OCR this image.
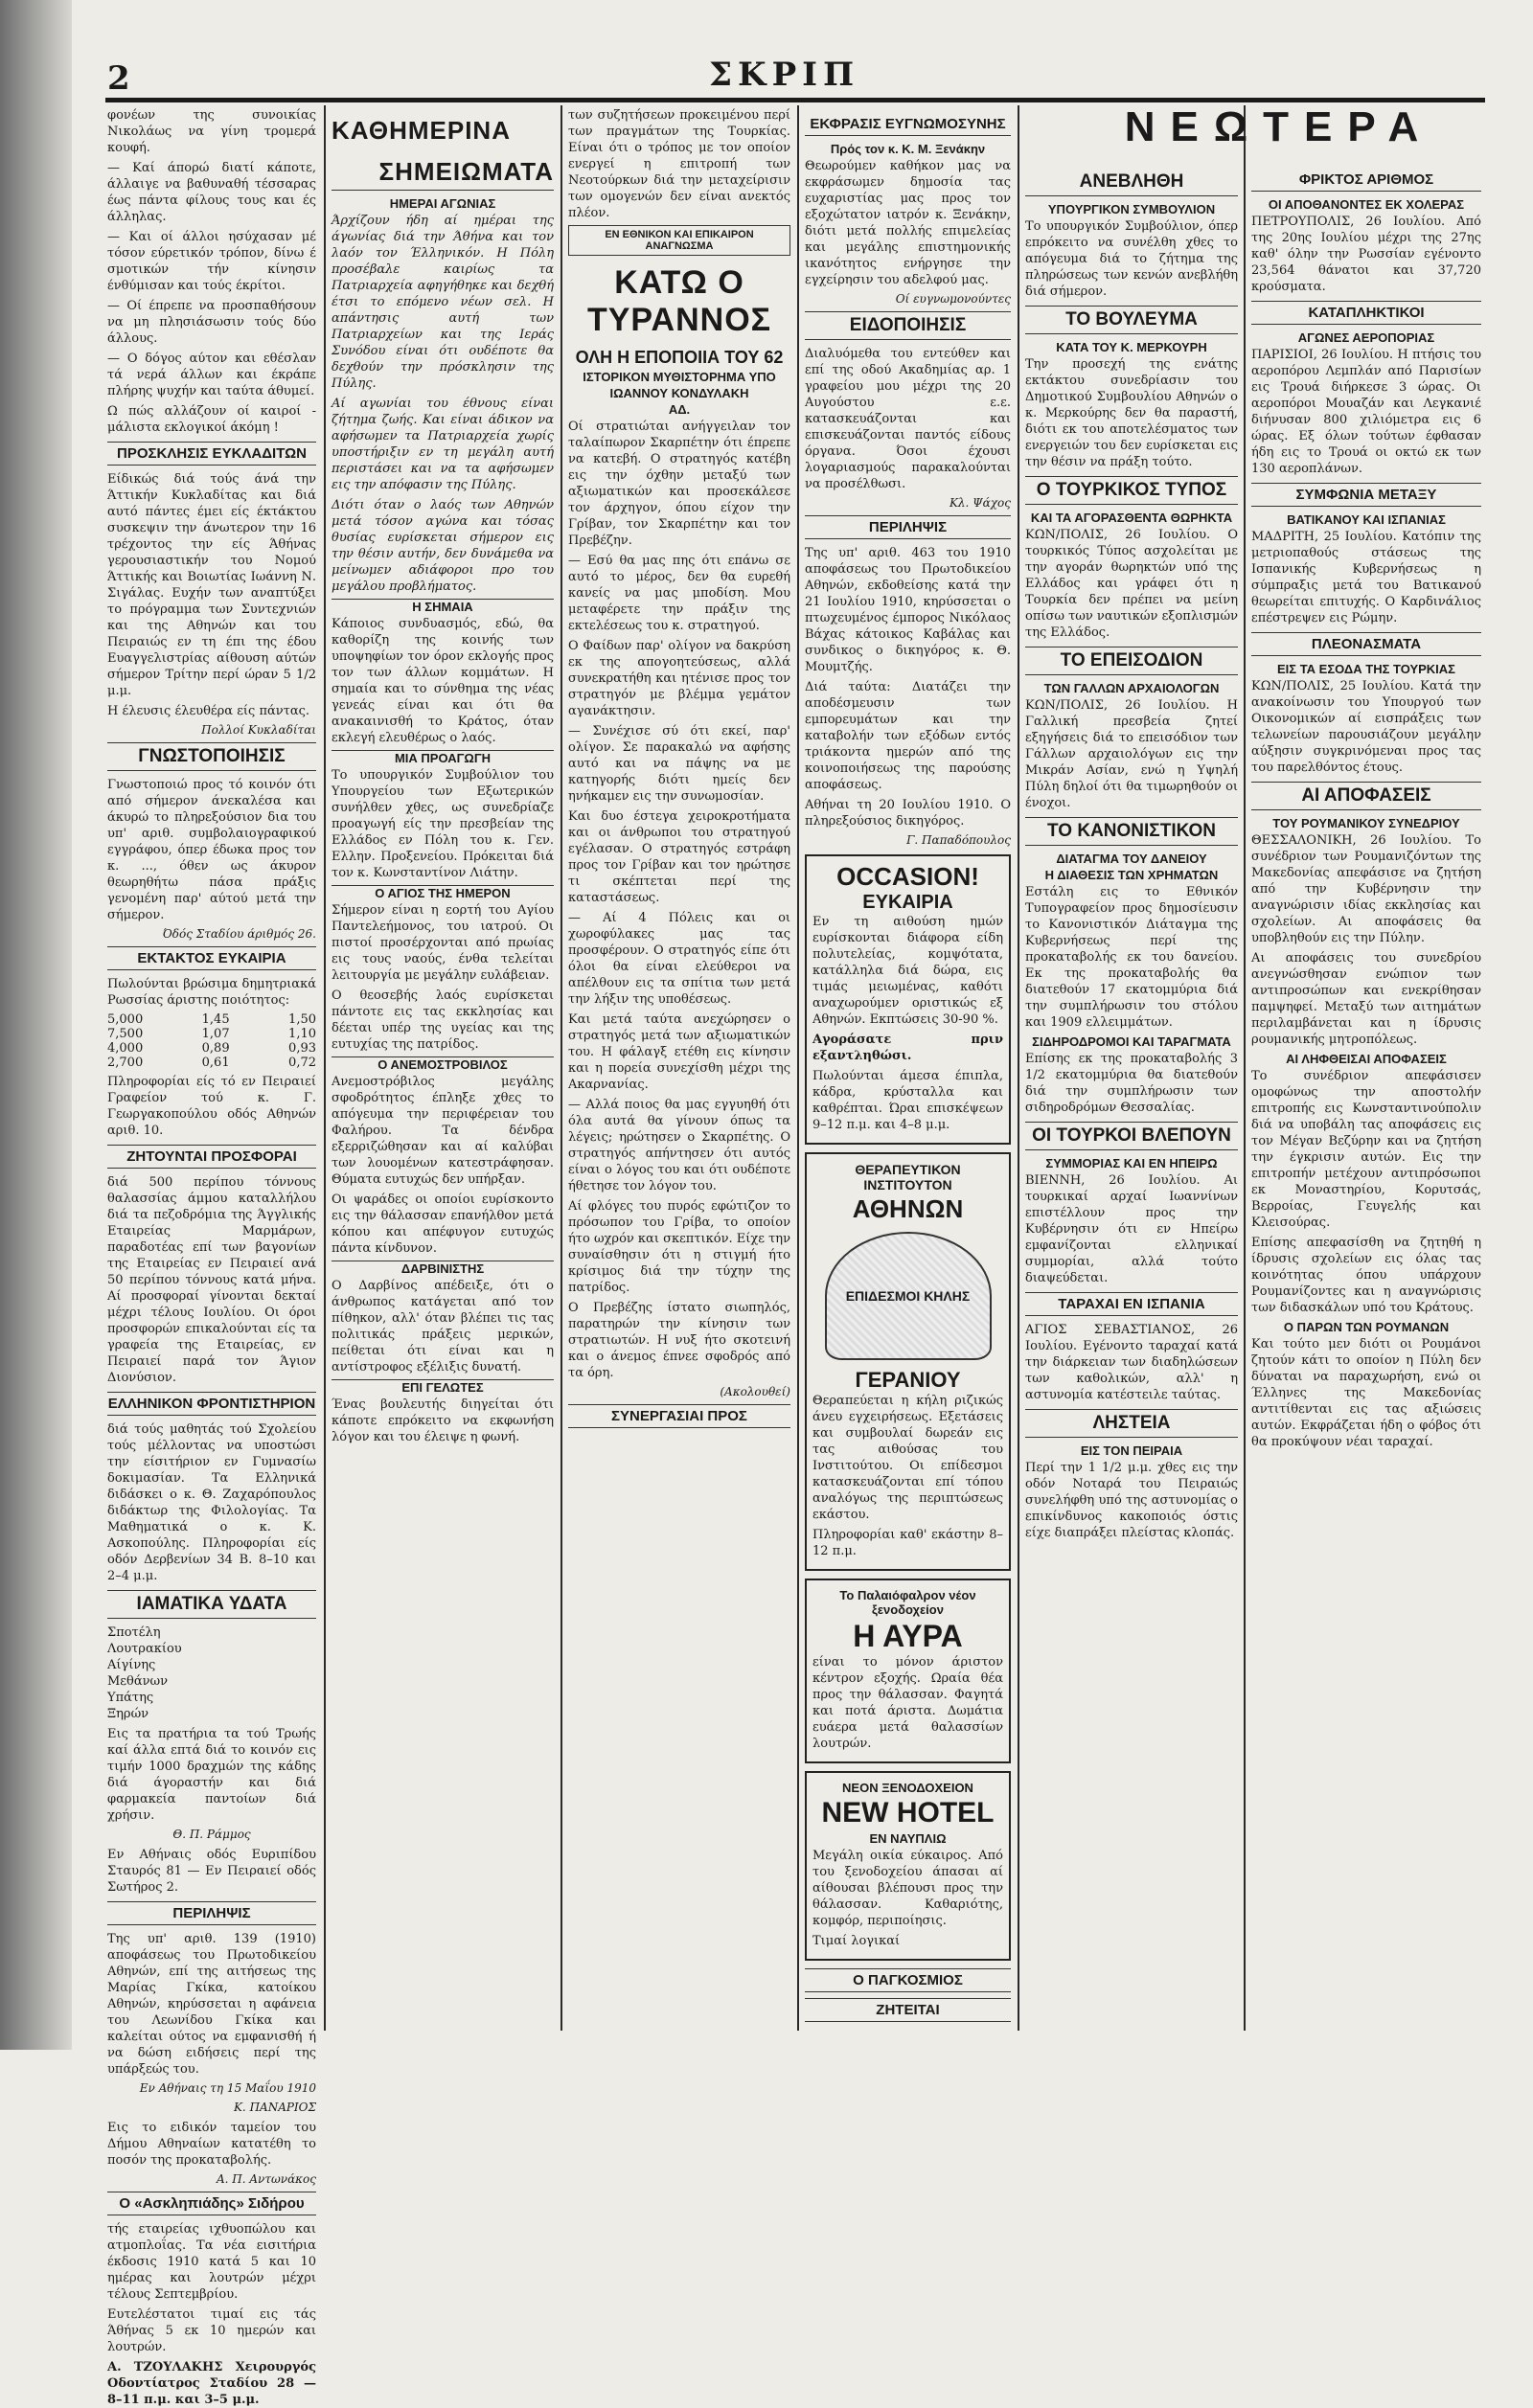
2	ΣΚΡΙΠ

φονέων της συνοικίας Νικολάως να γίνη τρομερά κουφή.

— Καί άπορώ διατί κάποτε, άλλαιγε να βαθυναθή τέσσαρας έως πάντα φίλους τους και ές άλληλας.

— Και οί άλλοι ησύχασαν μέ τόσον εύρετικόν τρόπον, δίνω έ σμοτικών τήν κίνησιν ένθύμισαν και τούς έκρίτοι.

— Οί έπρεπε να προσπαθήσουν να μη πλησιάσωσιν τούς δύο άλλους.

— Ο δόγος αύτον και εθέσλαν τά νερά άλλων και έκράπε πλήρης ψυχήν και ταύτα άθυμεί.

Ω πώς αλλάζουν οί καιροί - μάλιστα εκλογικοί άκόμη !

ΠΡΟΣΚΛΗΣΙΣ ΕΥΚΛΑΔΙΤΩΝ

Είδικώς διά τούς άνά την Άττικήν Κυκλαδίτας και διά αυτό πάντες έμει είς έκτάκτου συσκεψιν την άνωτερον την 16 τρέχοντος την είς Άθήνας γερουσιαστικήν του Νομού Άττικής και Βοιωτίας Ιωάννη Ν. Σιγάλας. Ευχήν των αναπτύξει το πρόγραμμα των Συντεχνιών και της Αθηνών και του Πειραιώς εν τη έπι της έδου Ευαγγελιστρίας αίθουση αύτών σήμερον Τρίτην περί ώραν 5 1/2 μ.μ.

Η έλευσις έλευθέρα είς πάντας.

Πολλοί Κυκλαδίται

ΓΝΩΣΤΟΠΟΙΗΣΙΣ

Γνωστοποιώ προς τό κοινόν ότι από σήμερον άνεκαλέσα και άκυρώ το πληρεξούσιον δια του υπ' αριθ. συμβολαιογραφικού εγγράφου, όπερ έδωκα προς τον κ. ..., όθεν ως άκυρον θεωρηθήτω πάσα πράξις γενομένη παρ' αύτού μετά την σήμερον.

Όδός Σταδίου άριθμός 26.

ΕΚΤΑΚΤΟΣ ΕΥΚΑΙΡΙΑ

Πωλούνται βρώσιμα δημητριακά Ρωσσίας άριστης ποιότητος:

5,000	1,45	1,50
7,500	1,07	1,10
4,000	0,89	0,93
2,700	0,61	0,72

Πληροφορίαι είς τό εν Πειραιεί Γραφείον τού κ. Γ. Γεωργακοπούλου οδός Αθηνών αριθ. 10.

ΖΗΤΟΥΝΤΑΙ ΠΡΟΣΦΟΡΑΙ

διά 500 περίπου τόννους θαλασσίας άμμου καταλλήλου διά τα πεζοδρόμια της Άγγλικής Εταιρείας Μαρμάρων, παραδοτέας επί των βαγονίων της Εταιρείας εν Πειραιεί ανά 50 περίπου τόννους κατά μήνα. Αί προσφοραί γίνονται δεκταί μέχρι τέλους Ιουλίου. Οι όροι προσφορών επικαλούνται είς τα γραφεία της Εταιρείας, εν Πειραιεί παρά τον Άγιον Διονύσιον.

ΕΛΛΗΝΙΚΟΝ ΦΡΟΝΤΙΣΤΗΡΙΟΝ

διά τούς μαθητάς τού Σχολείου τούς μέλλοντας να υποστώσι την είσιτήριον εν Γυμνασίω δοκιμασίαν. Τα Ελληνικά διδάσκει ο κ. Θ. Ζαχαρόπουλος διδάκτωρ της Φιλολογίας. Τα Μαθηματικά ο κ. Κ. Ασκοπούλης. Πληροφορίαι είς οδόν Δερβενίων 34 Β. 8–10 και 2–4 μ.μ.

ΙΑΜΑΤΙΚΑ ΥΔΑΤΑ

Σποτέλη

Λουτρακίου

Αίγίνης

Μεθάνων

Υπάτης

Ξηρών

Εις τα πρατήρια τα τού Τρωής καί άλλα επτά διά το κοινόν εις τιμήν 1000 δραχμών της κάδης διά άγοραστήν και διά φαρμακεία παντοίων διά χρήσιν.

Θ. Π. Ράμμος

Εν Αθήναις οδός Ευριπίδου Σταυρός 81 — Εν Πειραιεί οδός Σωτήρος 2.

ΠΕΡΙΛΗΨΙΣ

Της υπ' αριθ. 139 (1910) αποφάσεως του Πρωτοδικείου Αθηνών, επί της αιτήσεως της Μαρίας Γκίκα, κατοίκου Αθηνών, κηρύσσεται η αφάνεια του Λεωνίδου Γκίκα και καλείται ούτος να εμφανισθή ή να δώση ειδήσεις περί της υπάρξεώς του.

Εν Αθήναις τη 15 Μαΐου 1910

Κ. ΠΑΝΑΡΙΟΣ

Εις το ειδικόν ταμείον του Δήμου Αθηναίων κατατέθη το ποσόν της προκαταβολής.

Α. Π. Αντωνάκος

Ο «Ασκληπιάδης» Σιδήρου

τής εταιρείας ιχθυοπώλου και ατμοπλοΐας. Τα νέα εισιτήρια έκδοσις 1910 κατά 5 και 10 ημέρας και λουτρών μέχρι τέλους Σεπτεμβρίου.

Ευτελέστατοι τιμαί εις τάς Άθήνας 5 εκ 10 ημερών και λουτρών.

Α. ΤΖΟΥΛΑΚΗΣ Χειρουργός Οδοντίατρος Σταδίου 28 — 8–11 π.μ. και 3–5 μ.μ.

ΚΑΘΗΜΕΡΙΝΑ
ΣΗΜΕΙΩΜΑΤΑ
ΗΜΕΡΑΙ ΑΓΩΝΙΑΣ

Άρχίζουν ήδη αί ημέραι της άγωνίας διά την Άθήνα και τον λαόν τον Έλληνικόν. Η Πόλη προσέβαλε καιρίως τα Πατριαρχεία αφηγήθηκε και δεχθή έτσι το επόμενο νέων σελ. Η απάντησις αυτή των Πατριαρχείων και της Ιεράς Συνόδου είναι ότι ουδέποτε θα δεχθούν την πρόσκλησιν της Πύλης.

Αί αγωνίαι του έθνους είναι ζήτημα ζωής. Και είναι άδικον να αφήσωμεν τα Πατριαρχεία χωρίς υποστήριξιν εν τη μεγάλη αυτή περιστάσει και να τα αφήσωμεν εις την απόφασιν της Πύλης.

Διότι όταν ο λαός των Αθηνών μετά τόσον αγώνα και τόσας θυσίας ευρίσκεται σήμερον εις την θέσιν αυτήν, δεν δυνάμεθα να μείνωμεν αδιάφοροι προ του μεγάλου προβλήματος.

Η ΣΗΜΑΙΑ

Κάποιος συνδυασμός, εδώ, θα καθορίζη της κοινής των υποψηφίων τον όρον εκλογής προς τον των άλλων κομμάτων. Η σημαία και το σύνθημα της νέας γενεάς είναι και ότι θα ανακαινισθή το Κράτος, όταν εκλεγή ελευθέρως ο λαός.

ΜΙΑ ΠΡΟΑΓΩΓΗ

Το υπουργικόν Συμβούλιον του Υπουργείου των Εξωτερικών συνήλθεν χθες, ως συνεδρίαζε προαγωγή είς την πρεσβείαν της Ελλάδος εν Πόλη του κ. Γεν. Ελλην. Προξενείου. Πρόκειται διά τον κ. Κωνσταντίνον Λιάτην.

Ο ΑΓΙΟΣ ΤΗΣ ΗΜΕΡΟΝ

Σήμερον είναι η εορτή του Αγίου Παντελεήμονος, του ιατρού. Οι πιστοί προσέρχονται από πρωίας εις τους ναούς, ένθα τελείται λειτουργία με μεγάλην ευλάβειαν.

Ο θεοσεβής λαός ευρίσκεται πάντοτε εις τας εκκλησίας και δέεται υπέρ της υγείας και της ευτυχίας της πατρίδος.

Ο ΑΝΕΜΟΣΤΡΟΒΙΛΟΣ

Ανεμοστρόβιλος μεγάλης σφοδρότητος έπληξε χθες το απόγευμα την περιφέρειαν του Φαλήρου. Τα δένδρα εξερριζώθησαν και αί καλύβαι των λουομένων κατεστράφησαν. Θύματα ευτυχώς δεν υπήρξαν.

Οι ψαράδες οι οποίοι ευρίσκοντο εις την θάλασσαν επανήλθον μετά κόπου και απέφυγον ευτυχώς πάντα κίνδυνον.

ΔΑΡΒΙΝΙΣΤΗΣ

Ο Δαρβίνος απέδειξε, ότι ο άνθρωπος κατάγεται από τον πίθηκον, αλλ' όταν βλέπει τις τας πολιτικάς πράξεις μερικών, πείθεται ότι είναι και η αντίστροφος εξέλιξις δυνατή.

ΕΠΙ ΓΕΛΩΤΕΣ

Ένας βουλευτής διηγείται ότι κάποτε επρόκειτο να εκφωνήση λόγον και του έλειψε η φωνή.

των συζητήσεων προκειμένου περί των πραγμάτων της Τουρκίας. Είναι ότι ο τρόπος με τον οποίον ενεργεί η επιτροπή των Νεοτούρκων διά την μεταχείρισιν των ομογενών δεν είναι ανεκτός πλέον.

ΕΝ ΕΘΝΙΚΟΝ ΚΑΙ ΕΠΙΚΑΙΡΟΝ ΑΝΑΓΝΩΣΜΑ
ΚΑΤΩ Ο ΤΥΡΑΝΝΟΣ
ΟΛΗ Η ΕΠΟΠΟΙΙΑ ΤΟΥ 62
ΙΣΤΟΡΙΚΟΝ ΜΥΘΙΣΤΟΡΗΜΑ ΥΠΟ
ΙΩΑΝΝΟΥ ΚΟΝΔΥΛΑΚΗ
ΑΔ.

Οί στρατιώται ανήγγειλαν τον ταλαίπωρον Σκαρπέτην ότι έπρεπε να κατεβή. Ο στρατηγός κατέβη εις την όχθην μεταξύ των αξιωματικών και προσεκάλεσε τον άρχηγον, όπου είχον την Γρίβαν, τον Σκαρπέτην και τον Πρεβέζην.

— Εσύ θα μας πης ότι επάνω σε αυτό το μέρος, δεν θα ευρεθή κανείς να μας μποδίση. Μου μεταφέρετε την πράξιν της εκτελέσεως του κ. στρατηγού.

Ο Φαίδων παρ' ολίγον να δακρύση εκ της απογοητεύσεως, αλλά συνεκρατήθη και ητένισε προς τον στρατηγόν με βλέμμα γεμάτον αγανάκτησιν.

— Συνέχισε σύ ότι εκεί, παρ' ολίγον. Σε παρακαλώ να αφήσης αυτό και να πάψης να με κατηγορής διότι ημείς δεν ηνήκαμεν εις την συνωμοσίαν.

Και δυο έστεγα χειροκροτήματα και οι άνθρωποι του στρατηγού εγέλασαν. Ο στρατηγός εστράφη προς τον Γρίβαν και τον ηρώτησε τι σκέπτεται περί της καταστάσεως.

— Αί 4 Πόλεις και οι χωροφύλακες μας τας προσφέρουν. Ο στρατηγός είπε ότι όλοι θα είναι ελεύθεροι να απέλθουν εις τα σπίτια των μετά την λήξιν της υποθέσεως.

Και μετά ταύτα ανεχώρησεν ο στρατηγός μετά των αξιωματικών του. Η φάλαγξ ετέθη εις κίνησιν και η πορεία συνεχίσθη μέχρι της Ακαρνανίας.

— Αλλά ποιος θα μας εγγυηθή ότι όλα αυτά θα γίνουν όπως τα λέγεις; ηρώτησεν ο Σκαρπέτης. Ο στρατηγός απήντησεν ότι αυτός είναι ο λόγος του και ότι ουδέποτε ήθετησε τον λόγον του.

Αί φλόγες του πυρός εφώτιζον το πρόσωπον του Γρίβα, το οποίον ήτο ωχρόν και σκεπτικόν. Είχε την συναίσθησιν ότι η στιγμή ήτο κρίσιμος διά την τύχην της πατρίδος.

Ο Πρεβέζης ίστατο σιωπηλός, παρατηρών την κίνησιν των στρατιωτών. Η νυξ ήτο σκοτεινή και ο άνεμος έπνεε σφοδρός από τα όρη.

(Ακολουθεί)

ΣΥΝΕΡΓΑΣΙΑΙ ΠΡΟΣ
ΕΚΦΡΑΣΙΣ ΕΥΓΝΩΜΟΣΥΝΗΣ
Πρός τον κ. Κ. Μ. Ξενάκην

Θεωρούμεν καθήκον μας να εκφράσωμεν δημοσία τας ευχαριστίας μας προς τον εξοχώτατον ιατρόν κ. Ξενάκην, διότι μετά πολλής επιμελείας και μεγάλης επιστημονικής ικανότητος ενήργησε την εγχείρησιν του αδελφού μας.

Οί ευγνωμονούντες

ΕΙΔΟΠΟΙΗΣΙΣ

Διαλυόμεθα του εντεύθεν και επί της οδού Ακαδημίας αρ. 1 γραφείου μου μέχρι της 20 Αυγούστου ε.ε. κατασκευάζονται και επισκευάζονται παντός είδους όργανα. Όσοι έχουσι λογαριασμούς παρακαλούνται να προσέλθωσι.

Κλ. Ψάχος

ΠΕΡΙΛΗΨΙΣ

Της υπ' αριθ. 463 του 1910 αποφάσεως του Πρωτοδικείου Αθηνών, εκδοθείσης κατά την 21 Ιουλίου 1910, κηρύσσεται ο πτωχευμένος έμπορος Νικόλαος Βάχας κάτοικος Καβάλας και συνδικος ο δικηγόρος κ. Θ. Μουμτζής.

Διά ταύτα: Διατάζει την αποδέσμευσιν των εμπορευμάτων και την καταβολήν των εξόδων εντός τριάκοντα ημερών από της κοινοποιήσεως της παρούσης αποφάσεως.

Αθήναι τη 20 Ιουλίου 1910. Ο πληρεξούσιος δικηγόρος.

Γ. Παπαδόπουλος

OCCASION!
ΕΥΚΑΙΡΙΑ

Εν τη αιθούση ημών ευρίσκονται διάφορα είδη πολυτελείας, κομψότατα, κατάλληλα διά δώρα, εις τιμάς μειωμένας, καθότι αναχωρούμεν οριστικώς εξ Αθηνών. Εκπτώσεις 30-90 %.

Αγοράσατε πριν εξαντληθώσι.

Πωλούνται άμεσα έπιπλα, κάδρα, κρύσταλλα και καθρέπται. Ώραι επισκέψεων 9–12 π.μ. και 4–8 μ.μ.

ΘΕΡΑΠΕΥΤΙΚΟΝ ΙΝΣΤΙΤΟΥΤΟΝ
ΑΘΗΝΩΝ
ΕΠΙΔΕΣΜΟΙ ΚΗΛΗΣ
ΓΕΡΑΝΙΟΥ

Θεραπεύεται η κήλη ριζικώς άνευ εγχειρήσεως. Εξετάσεις και συμβουλαί δωρεάν εις τας αιθούσας του Ινστιτούτου. Οι επίδεσμοι κατασκευάζονται επί τόπου αναλόγως της περιπτώσεως εκάστου.

Πληροφορίαι καθ' εκάστην 8–12 π.μ.

Το Παλαιόφαλρον νέον ξενοδοχείον
Η ΑΥΡΑ

είναι το μόνον άριστον κέντρον εξοχής. Ωραία θέα προς την θάλασσαν. Φαγητά και ποτά άριστα. Δωμάτια ευάερα μετά θαλασσίων λουτρών.

ΝΕΟΝ ΞΕΝΟΔΟΧΕΙΟΝ
NEW HOTEL
ΕΝ ΝΑΥΠΛΙΩ

Μεγάλη οικία εύκαιρος. Από του ξενοδοχείου άπασαι αί αίθουσαι βλέπουσι προς την θάλασσαν. Καθαριότης, κομφόρ, περιποίησις.

Τιμαί λογικαί

Ο ΠΑΓΚΟΣΜΙΟΣ
ΖΗΤΕΙΤΑΙ
ΝΕΩΤΕΡΑ
ΑΝΕΒΛΗΘΗ
ΥΠΟΥΡΓΙΚΟΝ ΣΥΜΒΟΥΛΙΟΝ

Το υπουργικόν Συμβούλιον, όπερ επρόκειτο να συνέλθη χθες το απόγευμα διά το ζήτημα της πληρώσεως των κενών ανεβλήθη διά σήμερον.

ΤΟ ΒΟΥΛΕΥΜΑ
ΚΑΤΑ ΤΟΥ Κ. ΜΕΡΚΟΥΡΗ

Την προσεχή της ενάτης εκτάκτου συνεδρίασιν του Δημοτικού Συμβουλίου Αθηνών ο κ. Μερκούρης δεν θα παραστή, διότι εκ του αποτελέσματος των ενεργειών του δεν ευρίσκεται εις την θέσιν να πράξη τούτο.

Ο ΤΟΥΡΚΙΚΟΣ ΤΥΠΟΣ
ΚΑΙ ΤΑ ΑΓΟΡΑΣΘΕΝΤΑ ΘΩΡΗΚΤΑ

ΚΩΝ/ΠΟΛΙΣ, 26 Ιουλίου. Ο τουρκικός Τύπος ασχολείται με την αγοράν θωρηκτών υπό της Ελλάδος και γράφει ότι η Τουρκία δεν πρέπει να μείνη οπίσω των ναυτικών εξοπλισμών της Ελλάδος.

ΤΟ ΕΠΕΙΣΟΔΙΟΝ
ΤΩΝ ΓΑΛΛΩΝ ΑΡΧΑΙΟΛΟΓΩΝ

ΚΩΝ/ΠΟΛΙΣ, 26 Ιουλίου. Η Γαλλική πρεσβεία ζητεί εξηγήσεις διά το επεισόδιον των Γάλλων αρχαιολόγων εις την Μικράν Ασίαν, ενώ η Υψηλή Πύλη δηλοί ότι θα τιμωρηθούν οι ένοχοι.

ΤΟ ΚΑΝΟΝΙΣΤΙΚΟΝ
ΔΙΑΤΑΓΜΑ ΤΟΥ ΔΑΝΕΙΟΥ
Η ΔΙΑΘΕΣΙΣ ΤΩΝ ΧΡΗΜΑΤΩΝ

Εστάλη εις το Εθνικόν Τυπογραφείον προς δημοσίευσιν το Κανονιστικόν Διάταγμα της Κυβερνήσεως περί της προκαταβολής εκ του δανείου. Εκ της προκαταβολής θα διατεθούν 17 εκατομμύρια διά την συμπλήρωσιν του στόλου και 1909 ελλειμμάτων.

ΣΙΔΗΡΟΔΡΟΜΟΙ ΚΑΙ ΤΑΡΑΓΜΑΤΑ

Επίσης εκ της προκαταβολής 3 1/2 εκατομμύρια θα διατεθούν διά την συμπλήρωσιν των σιδηροδρόμων Θεσσαλίας.

ΟΙ ΤΟΥΡΚΟΙ ΒΛΕΠΟΥΝ
ΣΥΜΜΟΡΙΑΣ ΚΑΙ ΕΝ ΗΠΕΙΡΩ

ΒΙΕΝΝΗ, 26 Ιουλίου. Αι τουρκικαί αρχαί Ιωαννίνων επιστέλλουν προς την Κυβέρνησιν ότι εν Ηπείρω εμφανίζονται ελληνικαί συμμορίαι, αλλά τούτο διαψεύδεται.

ΤΑΡΑΧΑΙ ΕΝ ΙΣΠΑΝΙΑ

ΑΓΙΟΣ ΣΕΒΑΣΤΙΑΝΟΣ, 26 Ιουλίου. Εγένοντο ταραχαί κατά την διάρκειαν των διαδηλώσεων των καθολικών, αλλ' η αστυνομία κατέστειλε ταύτας.

ΛΗΣΤΕΙΑ
ΕΙΣ ΤΟΝ ΠΕΙΡΑΙΑ

Περί την 1 1/2 μ.μ. χθες εις την οδόν Νοταρά του Πειραιώς συνελήφθη υπό της αστυνομίας ο επικίνδυνος κακοποιός όστις είχε διαπράξει πλείστας κλοπάς.

ΦΡΙΚΤΟΣ ΑΡΙΘΜΟΣ
ΟΙ ΑΠΟΘΑΝΟΝΤΕΣ ΕΚ ΧΟΛΕΡΑΣ

ΠΕΤΡΟΥΠΟΛΙΣ, 26 Ιουλίου. Από της 20ης Ιουλίου μέχρι της 27ης καθ' όλην την Ρωσσίαν εγένοντο 23,564 θάνατοι και 37,720 κρούσματα.

ΚΑΤΑΠΛΗΚΤΙΚΟΙ
ΑΓΩΝΕΣ ΑΕΡΟΠΟΡΙΑΣ

ΠΑΡΙΣΙΟΙ, 26 Ιουλίου. Η πτήσις του αεροπόρου Λεμπλάν από Παρισίων εις Τρουά διήρκεσε 3 ώρας. Οι αεροπόροι Μουαζάν και Λεγκανιέ διήνυσαν 800 χιλιόμετρα εις 6 ώρας. Εξ όλων τούτων έφθασαν ήδη εις το Τρουά οι οκτώ εκ των 130 αεροπλάνων.

ΣΥΜΦΩΝΙΑ ΜΕΤΑΞΥ
ΒΑΤΙΚΑΝΟΥ ΚΑΙ ΙΣΠΑΝΙΑΣ

ΜΑΔΡΙΤΗ, 25 Ιουλίου. Κατόπιν της μετριοπαθούς στάσεως της Ισπανικής Κυβερνήσεως η σύμπραξις μετά του Βατικανού θεωρείται επιτυχής. Ο Καρδινάλιος επέστρεψεν εις Ρώμην.

ΠΛΕΟΝΑΣΜΑΤΑ
ΕΙΣ ΤΑ ΕΣΟΔΑ ΤΗΣ ΤΟΥΡΚΙΑΣ

ΚΩΝ/ΠΟΛΙΣ, 25 Ιουλίου. Κατά την ανακοίνωσιν του Υπουργού των Οικονομικών αί εισπράξεις των τελωνείων παρουσιάζουν μεγάλην αύξησιν συγκρινόμεναι προς τας του παρελθόντος έτους.

ΑΙ ΑΠΟΦΑΣΕΙΣ
ΤΟΥ ΡΟΥΜΑΝΙΚΟΥ ΣΥΝΕΔΡΙΟΥ

ΘΕΣΣΑΛΟΝΙΚΗ, 26 Ιουλίου. Το συνέδριον των Ρουμανιζόντων της Μακεδονίας απεφάσισε να ζητήση από την Κυβέρνησιν την αναγνώρισιν ιδίας εκκλησίας και σχολείων. Αι αποφάσεις θα υποβληθούν εις την Πύλην.

Αι αποφάσεις του συνεδρίου ανεγνώσθησαν ενώπιον των αντιπροσώπων και ενεκρίθησαν παμψηφεί. Μεταξύ των αιτημάτων περιλαμβάνεται και η ίδρυσις ρουμανικής μητροπόλεως.

ΑΙ ΛΗΦΘΕΙΣΑΙ ΑΠΟΦΑΣΕΙΣ

Το συνέδριον απεφάσισεν ομοφώνως την αποστολήν επιτροπής εις Κωνσταντινούπολιν διά να υποβάλη τας αποφάσεις εις τον Μέγαν Βεζύρην και να ζητήση την έγκρισιν αυτών. Εις την επιτροπήν μετέχουν αντιπρόσωποι εκ Μοναστηρίου, Κορυτσάς, Βερροίας, Γευγελής και Κλεισούρας.

Επίσης απεφασίσθη να ζητηθή η ίδρυσις σχολείων εις όλας τας κοινότητας όπου υπάρχουν Ρουμανίζοντες και η αναγνώρισις των διδασκάλων υπό του Κράτους.

Ο ΠΑΡΩΝ ΤΩΝ ΡΟΥΜΑΝΩΝ

Και τούτο μεν διότι οι Ρουμάνοι ζητούν κάτι το οποίον η Πύλη δεν δύναται να παραχωρήση, ενώ οι Έλληνες της Μακεδονίας αντιτίθενται εις τας αξιώσεις αυτών. Εκφράζεται ήδη ο φόβος ότι θα προκύψουν νέαι ταραχαί.
